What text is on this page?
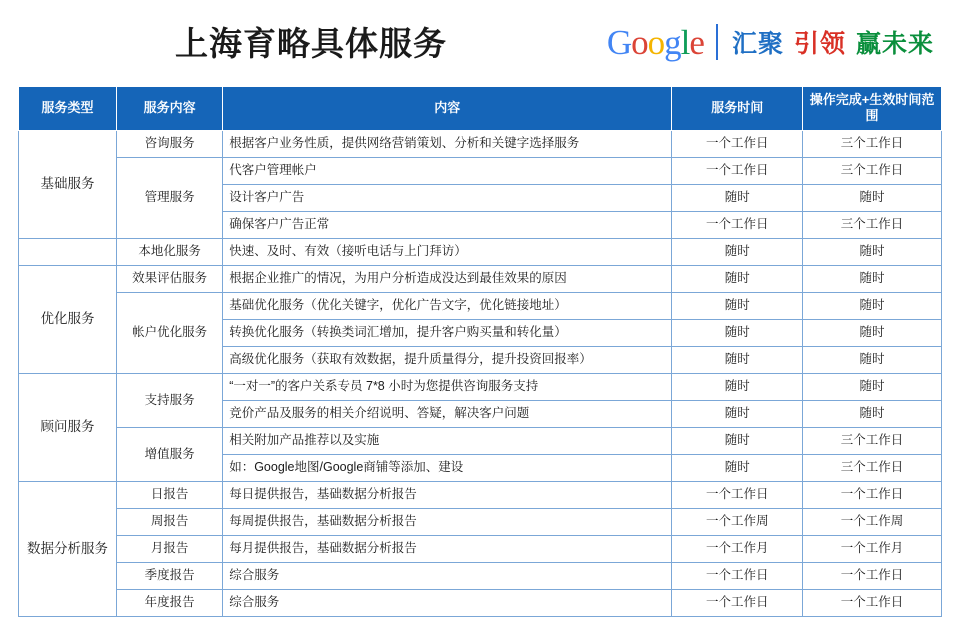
上海育略具体服务	Google	汇聚 引领 赢未来
服务类型	服务内容	内容	服务时间	操作完成+生效时间范围
基础服务	咨询服务	根据客户业务性质，提供网络营销策划、分析和关键字选择服务	一个工作日	三个工作日
	管理服务	代客户管理帐户	一个工作日	三个工作日
		设计客户广告	随时	随时
		确保客户广告正常	一个工作日	三个工作日
	本地化服务	快速、及时、有效（接听电话与上门拜访）	随时	随时
优化服务	效果评估服务	根据企业推广的情况，为用户分析造成没达到最佳效果的原因	随时	随时
	帐户优化服务	基础优化服务（优化关键字，优化广告文字，优化链接地址）	随时	随时
		转换优化服务（转换类词汇增加，提升客户购买量和转化量）	随时	随时
		高级优化服务（获取有效数据，提升质量得分，提升投资回报率）	随时	随时
顾问服务	支持服务	“一对一”的客户关系专员 7*8 小时为您提供咨询服务支持	随时	随时
		竞价产品及服务的相关介绍说明、答疑，解决客户问题	随时	随时
	增值服务	相关附加产品推荐以及实施	随时	三个工作日
		如：Google地图/Google商铺等添加、建设	随时	三个工作日
数据分析服务	日报告	每日提供报告，基础数据分析报告	一个工作日	一个工作日
	周报告	每周提供报告，基础数据分析报告	一个工作周	一个工作周
	月报告	每月提供报告，基础数据分析报告	一个工作月	一个工作月
	季度报告	综合服务	一个工作日	一个工作日
	年度报告	综合服务	一个工作日	一个工作日
